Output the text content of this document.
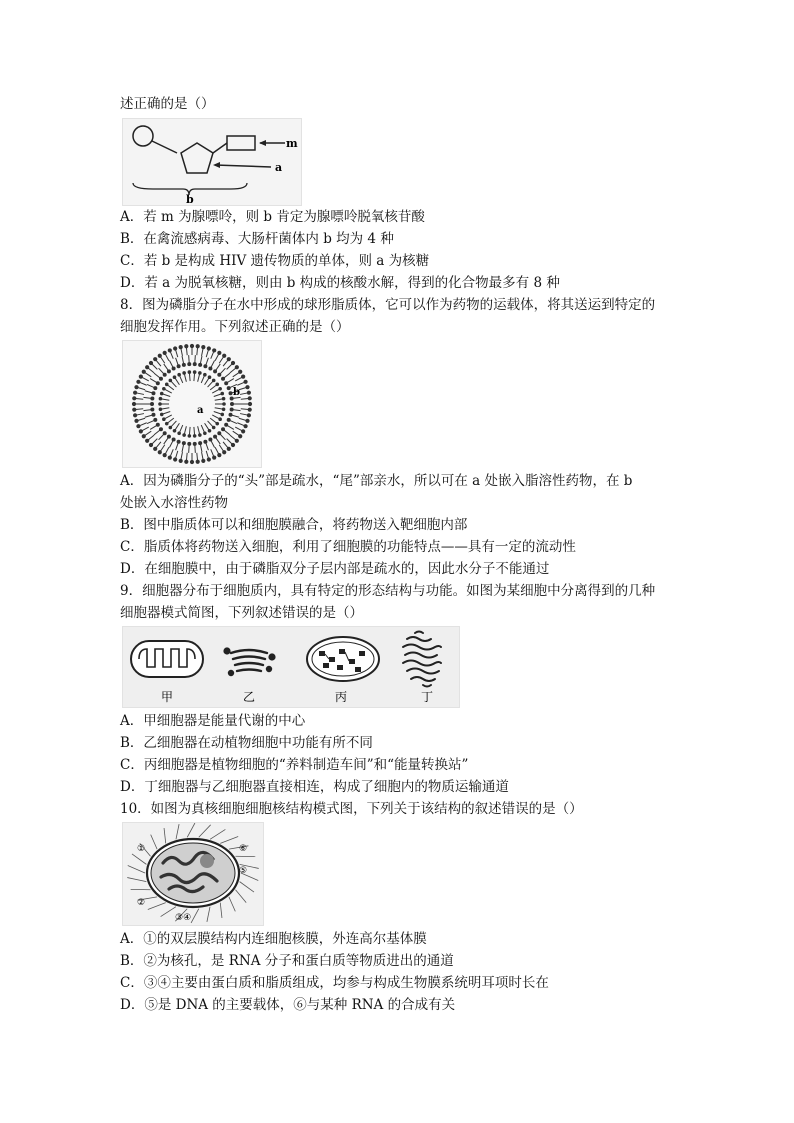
述正确的是（）

m
a
b

A．若 m 为腺嘌呤，则 b 肯定为腺嘌呤脱氧核苷酸

B．在禽流感病毒、大肠杆菌体内 b 均为 4 种

C．若 b 是构成 HIV 遗传物质的单体，则 a 为核糖

D．若 a 为脱氧核糖，则由 b 构成的核酸水解，得到的化合物最多有 8 种

8．图为磷脂分子在水中形成的球形脂质体，它可以作为药物的运载体，将其送运到特定的

细胞发挥作用。下列叙述正确的是（）

a
b

A．因为磷脂分子的“头”部是疏水，“尾”部亲水，所以可在 a 处嵌入脂溶性药物，在 b

处嵌入水溶性药物

B．图中脂质体可以和细胞膜融合，将药物送入靶细胞内部

C．脂质体将药物送入细胞，利用了细胞膜的功能特点——具有一定的流动性

D．在细胞膜中，由于磷脂双分子层内部是疏水的，因此水分子不能通过

9．细胞器分布于细胞质内，具有特定的形态结构与功能。如图为某细胞中分离得到的几种

细胞器模式简图，下列叙述错误的是（）

甲	乙	丙	丁

A．甲细胞器是能量代谢的中心

B．乙细胞器在动植物细胞中功能有所不同

C．丙细胞器是植物细胞的“养料制造车间”和“能量转换站”

D．丁细胞器与乙细胞器直接相连，构成了细胞内的物质运输通道

10．如图为真核细胞细胞核结构模式图，下列关于该结构的叙述错误的是（）

①
②
③④
⑤
⑥

A．①的双层膜结构内连细胞核膜，外连高尔基体膜

B．②为核孔，是 RNA 分子和蛋白质等物质进出的通道

C．③④主要由蛋白质和脂质组成，均参与构成生物膜系统明耳项时长在

D．⑤是 DNA 的主要载体，⑥与某种 RNA 的合成有关
